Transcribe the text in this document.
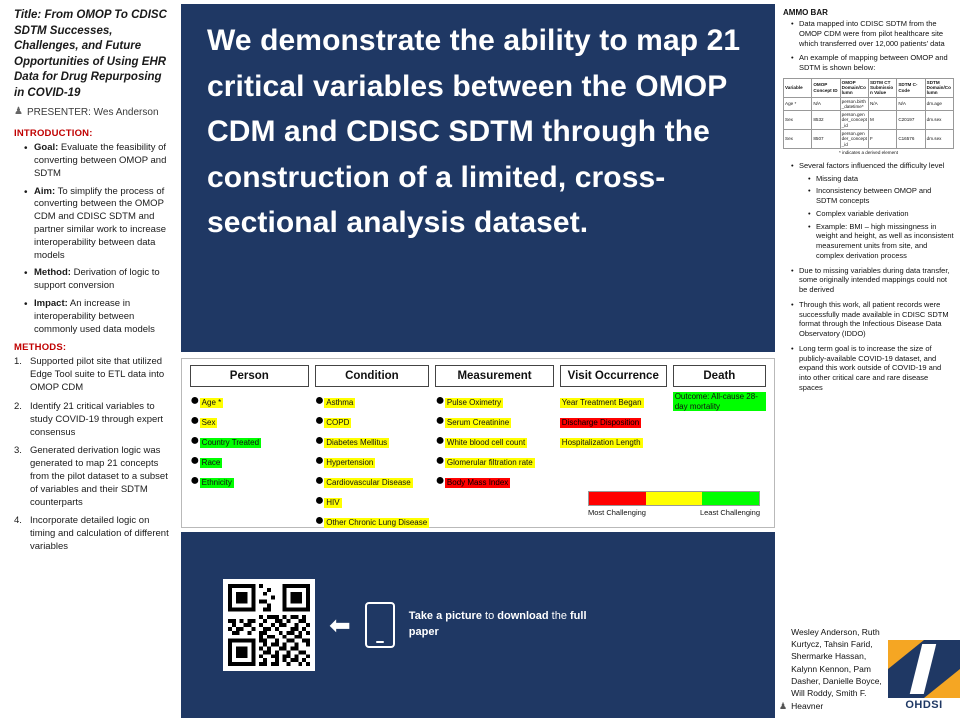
Title: From OMOP To CDISC SDTM Successes, Challenges, and Future Opportunities of Using EHR Data for Drug Repurposing in COVID-19
♟ PRESENTER: Wes Anderson
INTRODUCTION:
• Goal: Evaluate the feasibility of converting between OMOP and SDTM
• Aim: To simplify the process of converting between the OMOP CDM and CDISC SDTM and partner similar work to increase interoperability between data models
• Method: Derivation of logic to support conversion
• Impact: An increase in interoperability between commonly used data models
METHODS:
Supported pilot site that utilized Edge Tool suite to ETL data into OMOP CDM
Identify 21 critical variables to study COVID-19 through expert consensus
Generated derivation logic was generated to map 21 concepts from the pilot dataset to a subset of variables and their SDTM counterparts
Incorporate detailed logic on timing and calculation of different variables
We demonstrate the ability to map 21 critical variables between the OMOP CDM and CDISC SDTM through the construction of a limited, cross-sectional analysis dataset.
Person
● Age *
● Sex
● Country Treated
● Race
● Ethnicity
Condition
● Asthma
● COPD
● Diabetes Mellitus
● Hypertension
● Cardiovascular Disease
● HIV
● Other Chronic Lung Disease
Measurement
● Pulse Oximetry
● Serum Creatinine
● White blood cell count
● Glomerular filtration rate
● Body Mass Index
Visit Occurrence
Year Treatment Began
Discharge Disposition
Hospitalization Length
Death
Outcome: All-cause 28-day mortality
Most Challenging	Least Challenging
⬅	Take a picture to download the full paper
AMMO BAR
• Data mapped into CDISC SDTM from the OMOP CDM were from pilot healthcare site which transferred over 12,000 patients' data
• An example of mapping between OMOP and SDTM is shown below:
Variable	OMOP Concept ID	OMOP Domain/Column	SDTM CT Submission Value	SDTM C-Code	SDTM Domain/Column
Age *	N/A	person.birth_datetime*	N/A	N/A	dm.age
Sex	8532	person.gender_concept_id	M	C20197	dm.sex
Sex	8507	person.gender_concept_id	F	C16576	dm.sex
* indicates a derived element
• Several factors influenced the difficulty level
• Missing data
• Inconsistency between OMOP and SDTM concepts
• Complex variable derivation
• Example: BMI – high missingness in weight and height, as well as inconsistent measurement units from site, and complex derivation process
• Due to missing variables during data transfer, some originally intended mappings could not be derived
• Through this work, all patient records were successfully made available in CDISC SDTM format through the Infectious Disease Data Observatory (IDDO)
• Long term goal is to increase the size of publicly-available COVID-19 dataset, and expand this work outside of COVID-19 and into other critical care and rare disease spaces
♟
Wesley Anderson, Ruth Kurtycz, Tahsin Farid, Shermarke Hassan, Kalynn Kennon, Pam Dasher, Danielle Boyce, Will Roddy, Smith F. Heavner	OHDSI
